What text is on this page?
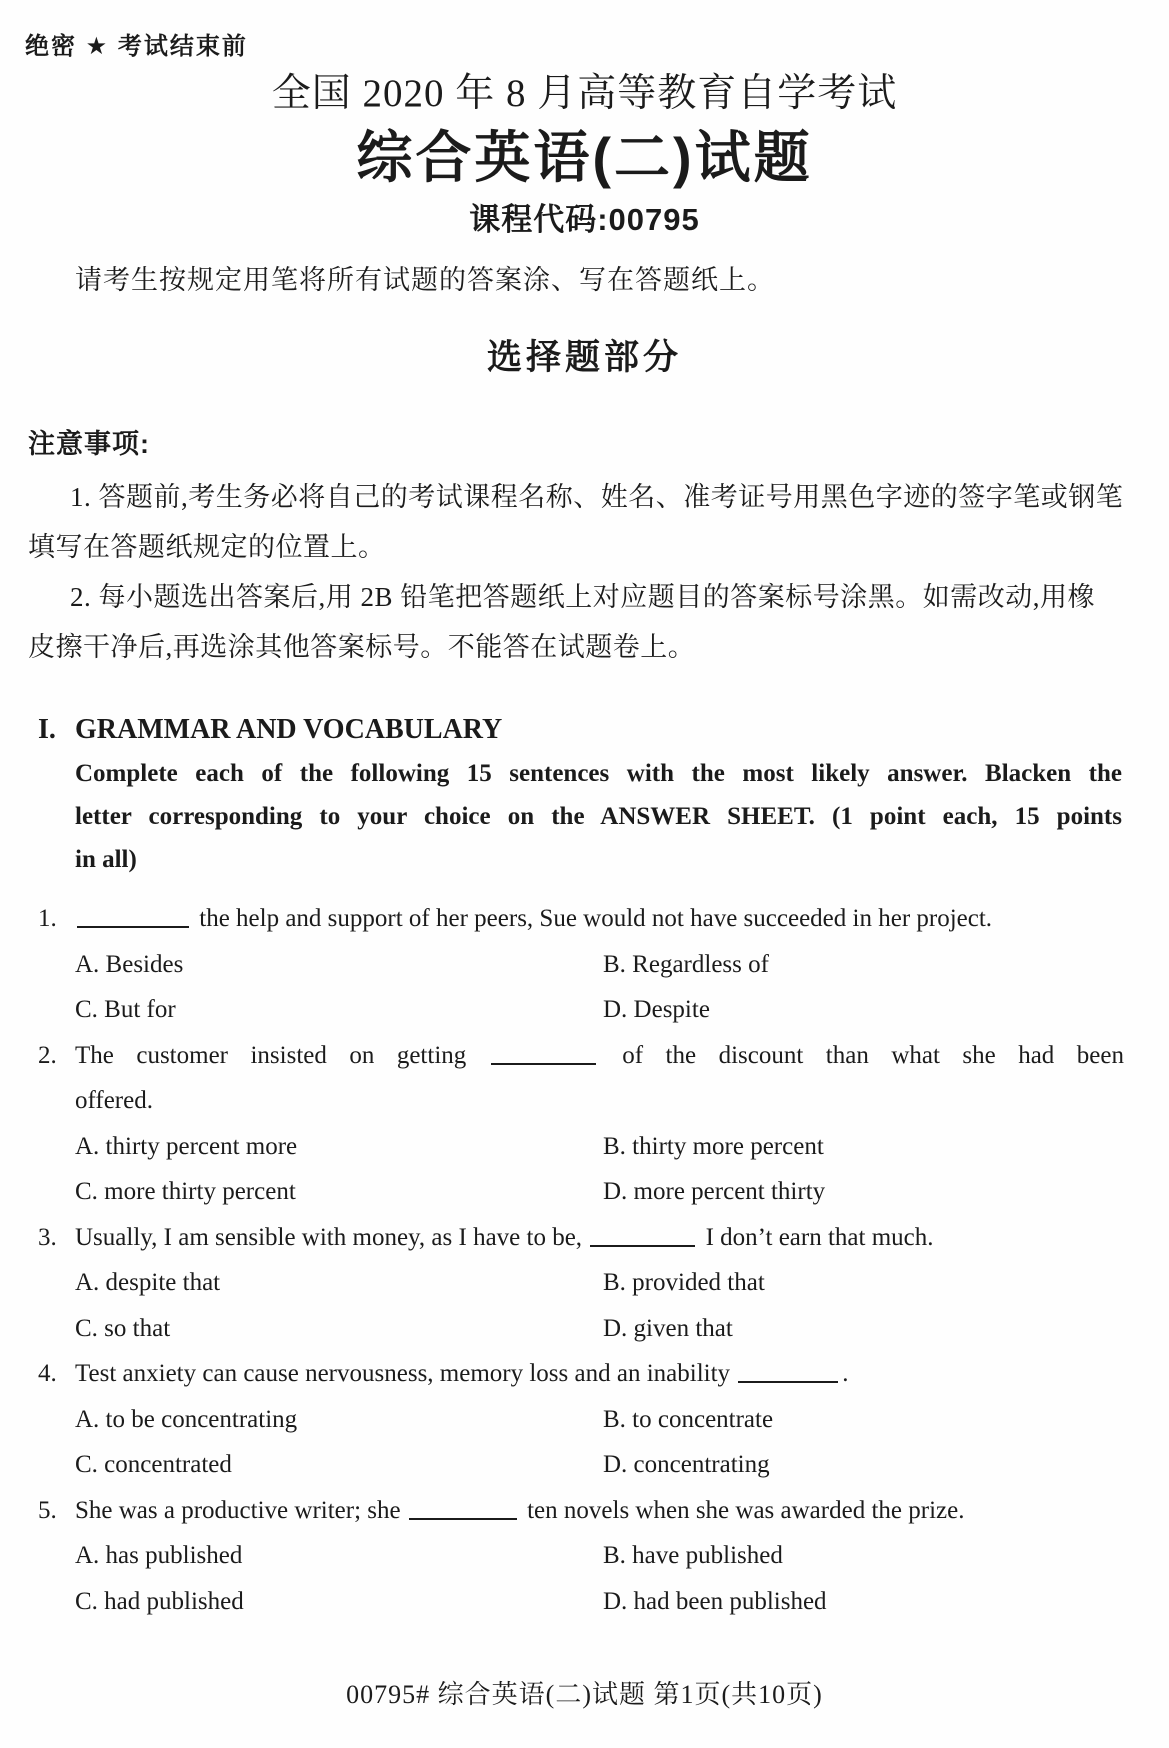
绝密 ★ 考试结束前
全国 2020 年 8 月高等教育自学考试
综合英语(二)试题
课程代码:00795
请考生按规定用笔将所有试题的答案涂、写在答题纸上。
选择题部分
注意事项:
1. 答题前,考生务必将自己的考试课程名称、姓名、准考证号用黑色字迹的签字笔或钢笔
填写在答题纸规定的位置上。
2. 每小题选出答案后,用 2B 铅笔把答题纸上对应题目的答案标号涂黑。如需改动,用橡
皮擦干净后,再选涂其他答案标号。不能答在试题卷上。
I. GRAMMAR AND VOCABULARY
Complete each of the following 15 sentences with the most likely answer. Blacken the
letter corresponding to your choice on the ANSWER SHEET. (1 point each, 15 points
in all)
1.	the help and support of her peers, Sue would not have succeeded in her project.
A. Besides	B. Regardless of
C. But for	D. Despite
2. The customer insisted on getting	of the discount than what she had been
offered.
A. thirty percent more	B. thirty more percent
C. more thirty percent	D. more percent thirty
3. Usually, I am sensible with money, as I have to be,	I don’t earn that much.
A. despite that	B. provided that
C. so that	D. given that
4. Test anxiety can cause nervousness, memory loss and an inability	.
A. to be concentrating	B. to concentrate
C. concentrated	D. concentrating
5. She was a productive writer; she	ten novels when she was awarded the prize.
A. has published	B. have published
C. had published	D. had been published
00795# 综合英语(二)试题 第1页(共10页)
